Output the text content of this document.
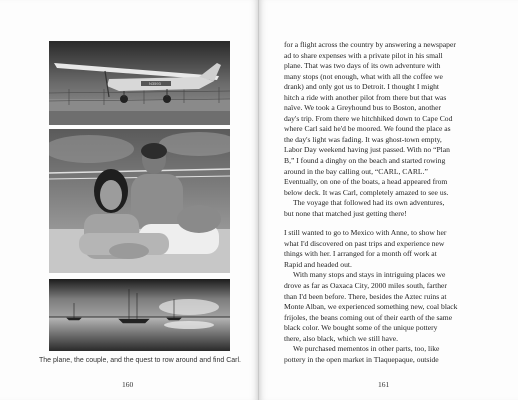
N3593
The plane, the couple, and the quest to row around and find Carl.
160	161

for a flight across the country by answering a newspaper

ad to share expenses with a private pilot in his small

plane. That was two days of its own adventure with

many stops (not enough, what with all the coffee we

drank) and only got us to Detroit. I thought I might

hitch a ride with another pilot from there but that was

naïve. We took a Greyhound bus to Boston, another

day's trip. From there we hitchhiked down to Cape Cod

where Carl said he'd be moored. We found the place as

the day's light was fading. It was ghost-town empty,

Labor Day weekend having just passed. With no “Plan

B,” I found a dinghy on the beach and started rowing

around in the bay calling out, “CARL, CARL.”

Eventually, on one of the boats, a head appeared from

below deck. It was Carl, completely amazed to see us.

The voyage that followed had its own adventures,

but none that matched just getting there!

I still wanted to go to Mexico with Anne, to show her

what I'd discovered on past trips and experience new

things with her. I arranged for a month off work at

Rapid and headed out.

With many stops and stays in intriguing places we

drove as far as Oaxaca City, 2000 miles south, farther

than I'd been before. There, besides the Aztec ruins at

Monte Alban, we experienced something new, coal black

frijoles, the beans coming out of their earth of the same

black color. We bought some of the unique pottery

there, also black, which we still have.

We purchased mementos in other parts, too, like

pottery in the open market in Tlaquepaque, outside
